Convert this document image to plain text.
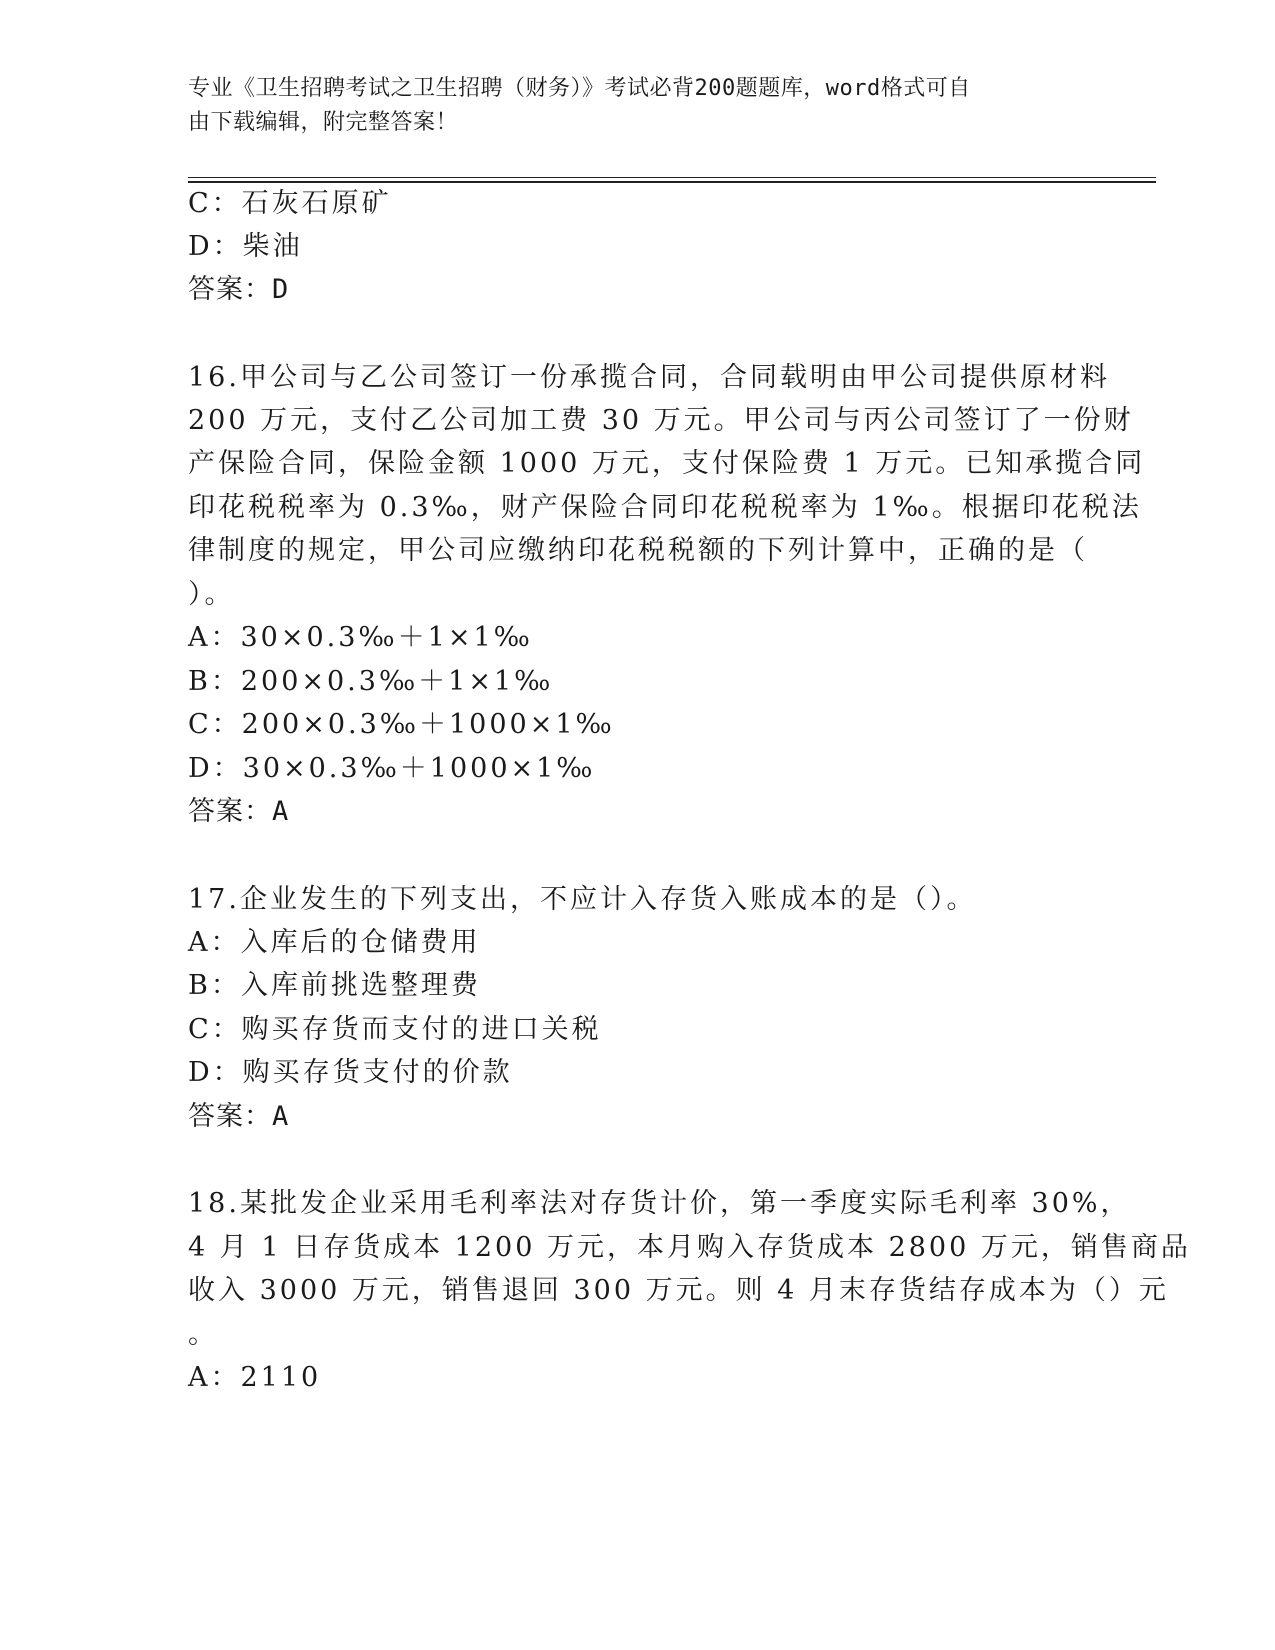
专业《卫生招聘考试之卫生招聘（财务）》考试必背200题题库，word格式可自
由下载编辑，附完整答案！
C：石灰石原矿
D：柴油
答案：D
16.甲公司与乙公司签订一份承揽合同，合同载明由甲公司提供原材料
200 万元，支付乙公司加工费 30 万元。甲公司与丙公司签订了一份财
产保险合同，保险金额 1000 万元，支付保险费 1 万元。已知承揽合同
印花税税率为 0.3‰，财产保险合同印花税税率为 1‰。根据印花税法
律制度的规定，甲公司应缴纳印花税税额的下列计算中，正确的是（
）。
A：30×0.3‰＋1×1‰
B：200×0.3‰＋1×1‰
C：200×0.3‰＋1000×1‰
D：30×0.3‰＋1000×1‰
答案：A
17.企业发生的下列支出，不应计入存货入账成本的是（）。
A：入库后的仓储费用
B：入库前挑选整理费
C：购买存货而支付的进口关税
D：购买存货支付的价款
答案：A
18.某批发企业采用毛利率法对存货计价，第一季度实际毛利率 30%，
4 月 1 日存货成本 1200 万元，本月购入存货成本 2800 万元，销售商品
收入 3000 万元，销售退回 300 万元。则 4 月末存货结存成本为（）元
。
A：2110
